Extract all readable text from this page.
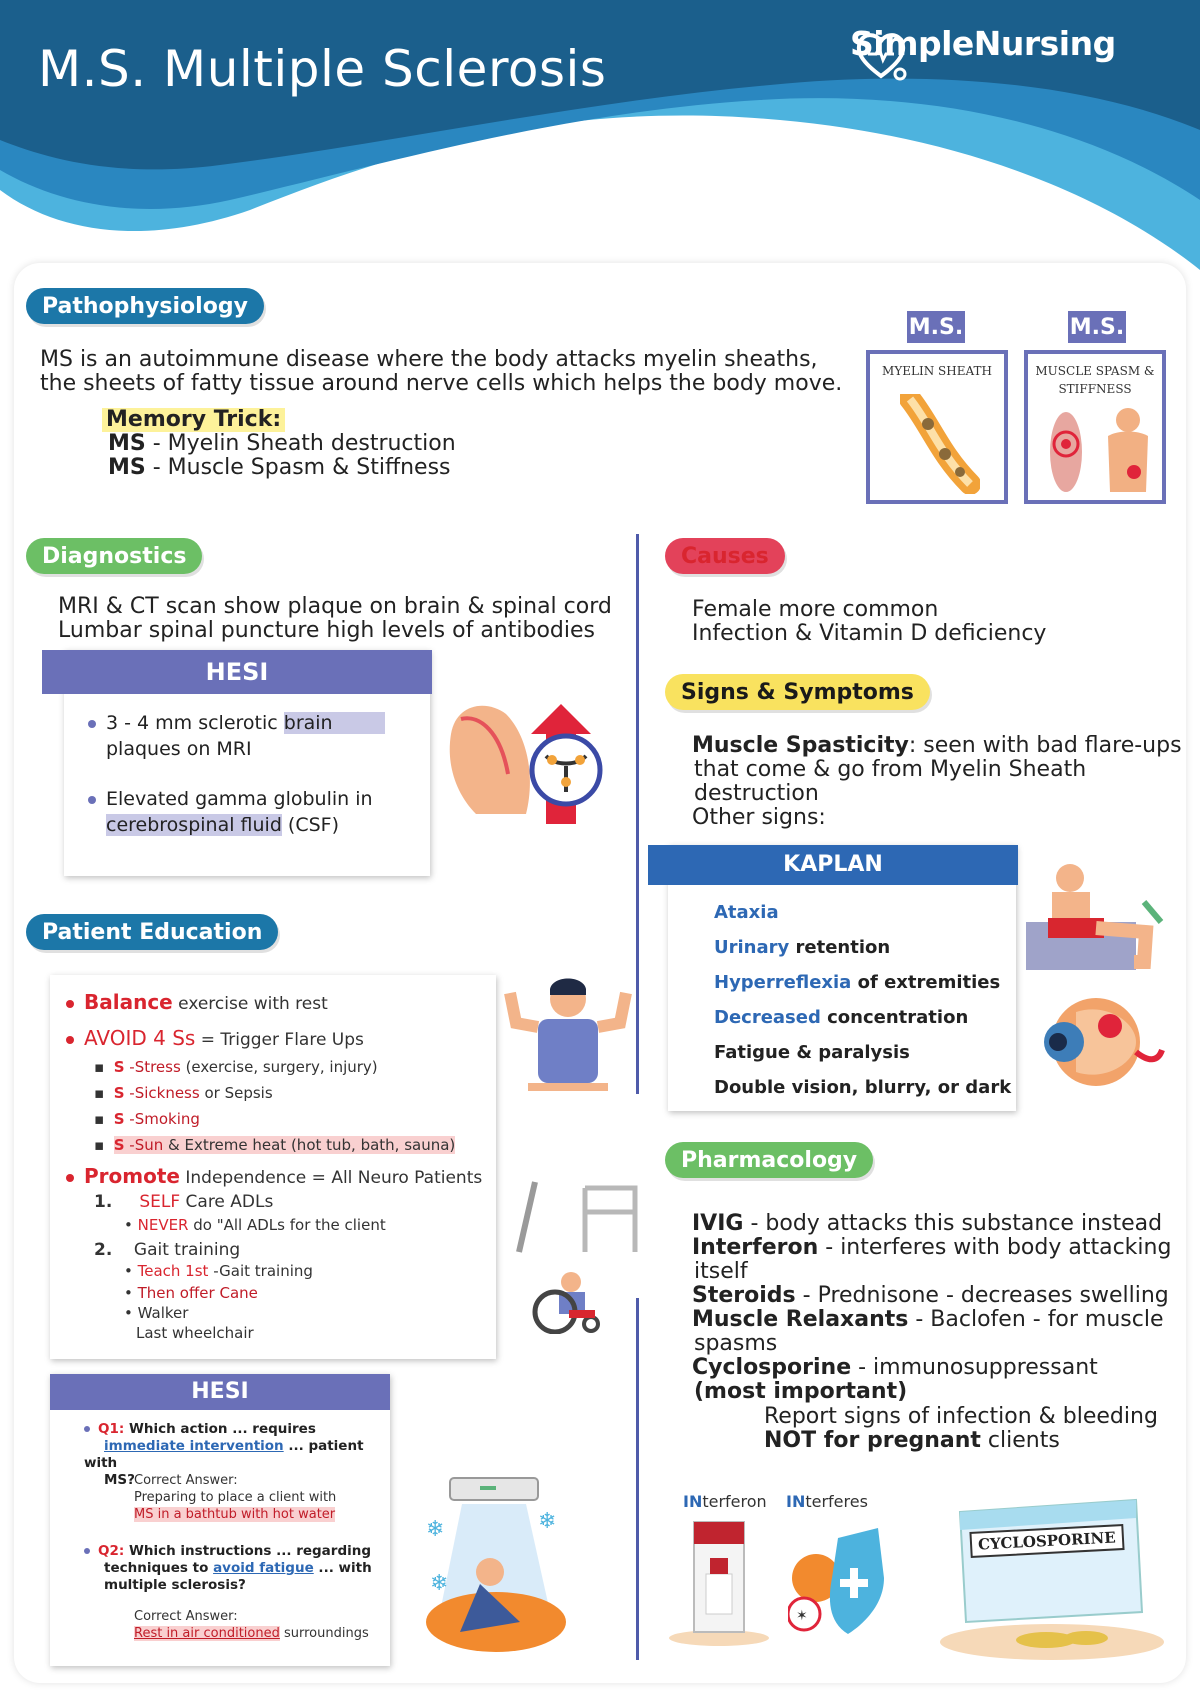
M.S. Multiple Sclerosis	SimpleNursing
Pathophysiology
MS is an autoimmune disease where the body attacks myelin sheaths,
the sheets of fatty tissue around nerve cells which helps the body move.
Memory Trick:
MS - Myelin Sheath destruction
MS - Muscle Spasm & Stiffness
M.S.
MYELIN SHEATH
M.S.
MUSCLE SPASM & STIFFNESS
Diagnostics
MRI & CT scan show plaque on brain & spinal cord
Lumbar spinal puncture high levels of antibodies
HESI
3 - 4 mm sclerotic brain
plaques on MRI
Elevated gamma globulin in
cerebrospinal fluid (CSF)
Causes
Female more common
Infection & Vitamin D deficiency
Signs & Symptoms
Muscle Spasticity: seen with bad flare-ups
that come & go from Myelin Sheath
destruction
Other signs:
KAPLAN
Ataxia
Urinary retention
Hyperreflexia of extremities
Decreased concentration
Fatigue & paralysis
Double vision, blurry, or dark
Patient Education
Balance exercise with rest
AVOID 4 Ss = Trigger Flare Ups
▪  S -Stress (exercise, surgery, injury)
▪  S -Sickness or Sepsis
▪  S -Smoking
▪  S -Sun & Extreme heat (hot tub, bath, sauna)
Promote Independence = All Neuro Patients
1. SELF Care ADLs
• NEVER do "All ADLs for the client
2. Gait training
• Teach 1st -Gait training
• Then offer Cane
• Walker
Last wheelchair
HESI
Q1: Which action ... requires
immediate intervention ... patient with
MS? Correct Answer:
Preparing to place a client with
MS in a bathtub with hot water
Q2: Which instructions ... regarding
techniques to avoid fatigue ... with
multiple sclerosis?
Correct Answer:
Rest in air conditioned surroundings
❄	❄
❄
Pharmacology
IVIG - body attacks this substance instead
Interferon - interferes with body attacking
itself
Steroids - Prednisone - decreases swelling
Muscle Relaxants - Baclofen - for muscle
spasms
Cyclosporine - immunosuppressant
(most important)
Report signs of infection & bleeding
NOT for pregnant clients
INterferon INterferes
✶
CYCLOSPORINE
